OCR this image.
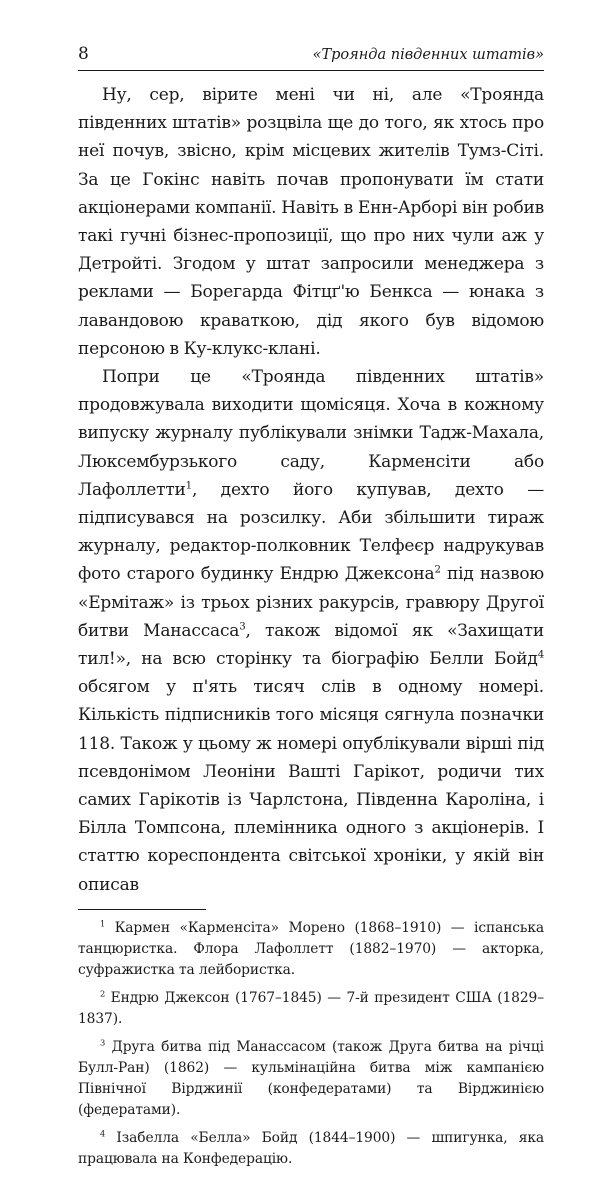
8	«Троянда південних штатів»

Ну, сер, вірите мені чи ні, але «Троянда південних штатів» розцвіла ще до того, як хтось про неї почув, звісно, крім місцевих жителів Тумз-Сіті. За це Гокінс навіть почав пропонувати їм стати акціонерами компанії. Навіть в Енн-Арборі він робив такі гучні бізнес-пропозиції, що про них чули аж у Детройті. Згодом у штат запросили менеджера з реклами — Борегарда Фітцґ'ю Бенкса — юнака з лавандовою краваткою, дід якого був відомою персоною в Ку-клукс-клані.

Попри це «Троянда південних штатів» продовжувала виходити щомісяця. Хоча в кожному випуску журналу публікували знімки Тадж-Махала, Люксембурзького саду, Карменсіти або Лафоллетти$^1$, дехто його купував, дехто — підписувався на розсилку. Аби збільшити тираж журналу, редактор-полковник Телфеєр надрукував фото старого будинку Ендрю Джексона$^2$ під назвою «Ермітаж» із трьох різних ракурсів, гравюру Другої битви Манассаса$^3$, також відомої як «Захищати тил!», на всю сторінку та біографію Белли Бойд$^4$ обсягом у п'ять тисяч слів в одному номері. Кількість підписників того місяця сягнула позначки 118. Також у цьому ж номері опублікували вірші під псевдонімом Леоніни Вашті Гарікот, родичи тих самих Гарікотів із Чарлстона, Південна Кароліна, і Білла Томпсона, племінника одного з акціонерів. І статтю кореспондента світської хроніки, у якій він описав

$^1$ Кармен «Карменсіта» Морено (1868–1910) — іспанська танцюристка. Флора Лафоллетт (1882–1970) — акторка, суфражистка та лейбористка.

$^2$ Ендрю Джексон (1767–1845) — 7-й президент США (1829–1837).

$^3$ Друга битва під Манассасом (також Друга битва на річці Булл-Ран) (1862) — кульмінаційна битва між кампанією Північної Вірджинії (конфедератами) та Вірджинією (федератами).

$^4$ Ізабелла «Белла» Бойд (1844–1900) — шпигунка, яка працювала на Конфедерацію.
